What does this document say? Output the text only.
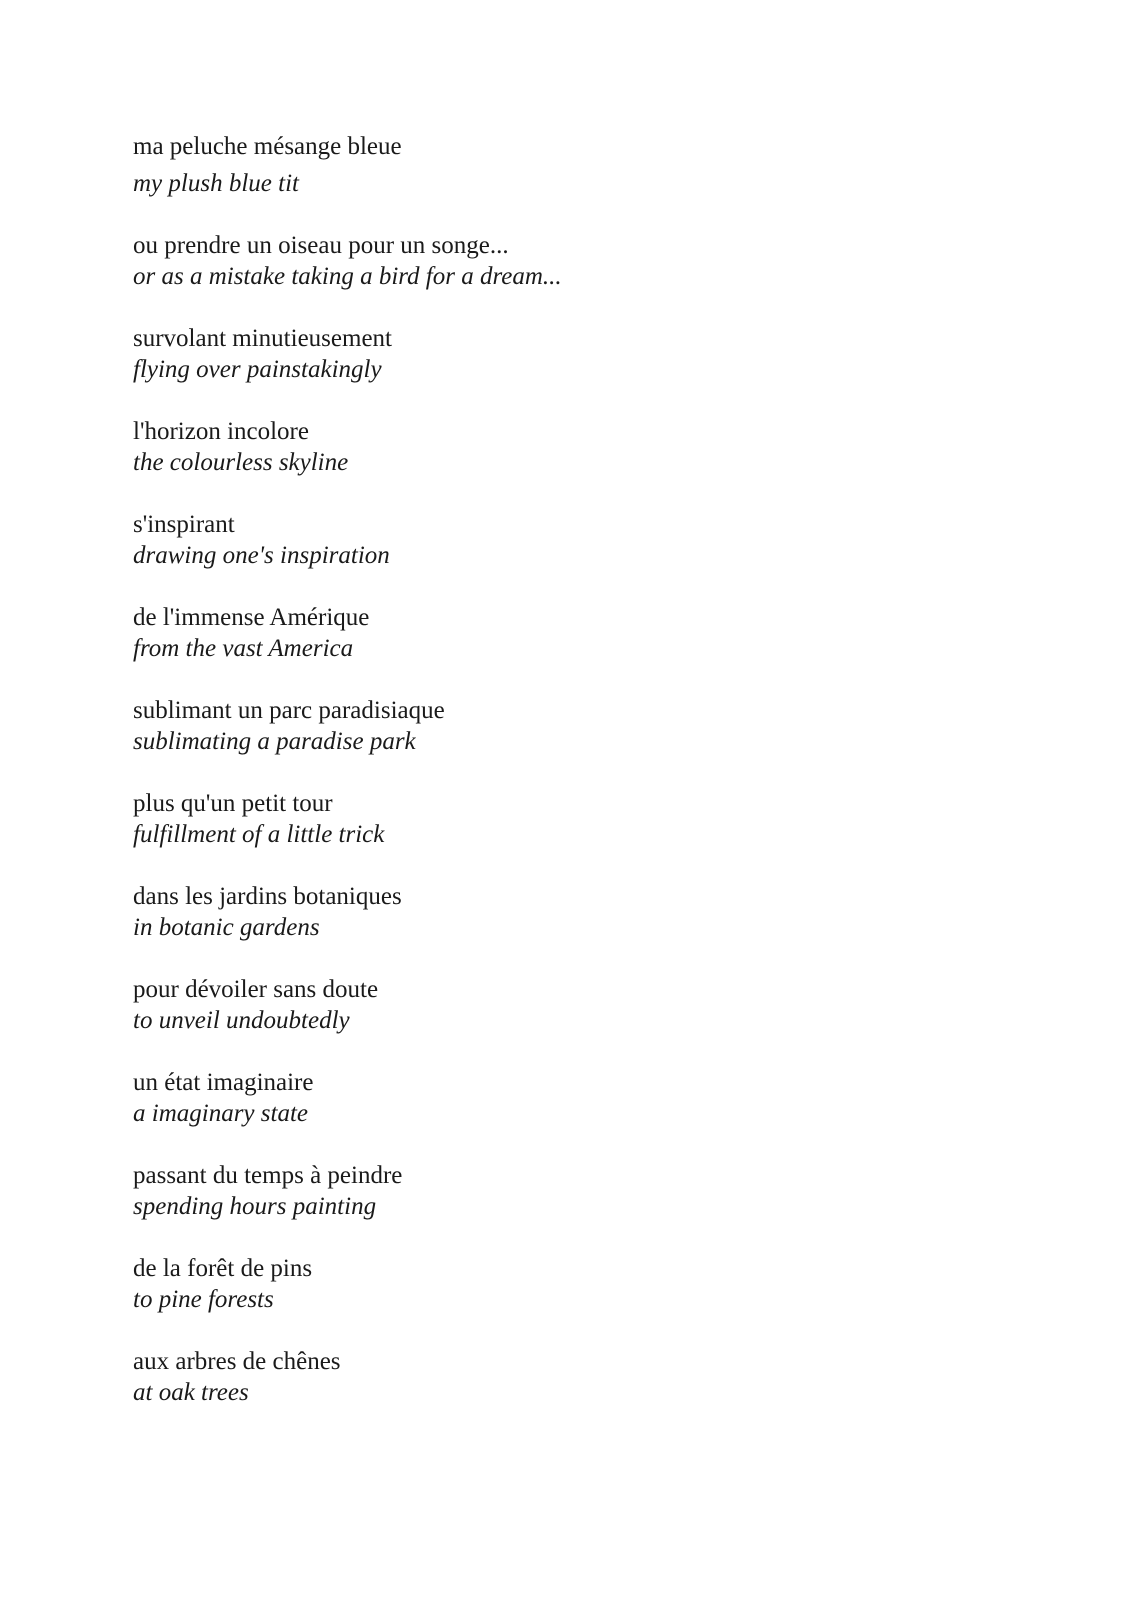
ma peluche mésange bleue
my plush blue tit
ou prendre un oiseau pour un songe...
or as a mistake taking a bird for a dream...
survolant minutieusement
flying over painstakingly
l'horizon incolore
the colourless skyline
s'inspirant
drawing one's inspiration
de l'immense Amérique
from the vast America
sublimant un parc paradisiaque
sublimating a paradise park
plus qu'un petit tour
fulfillment of a little trick
dans les jardins botaniques
in botanic gardens
pour dévoiler sans doute
to unveil undoubtedly
un état imaginaire
a imaginary state
passant du temps à peindre
spending hours painting
de la forêt de pins
to pine forests
aux arbres de chênes
at oak trees
